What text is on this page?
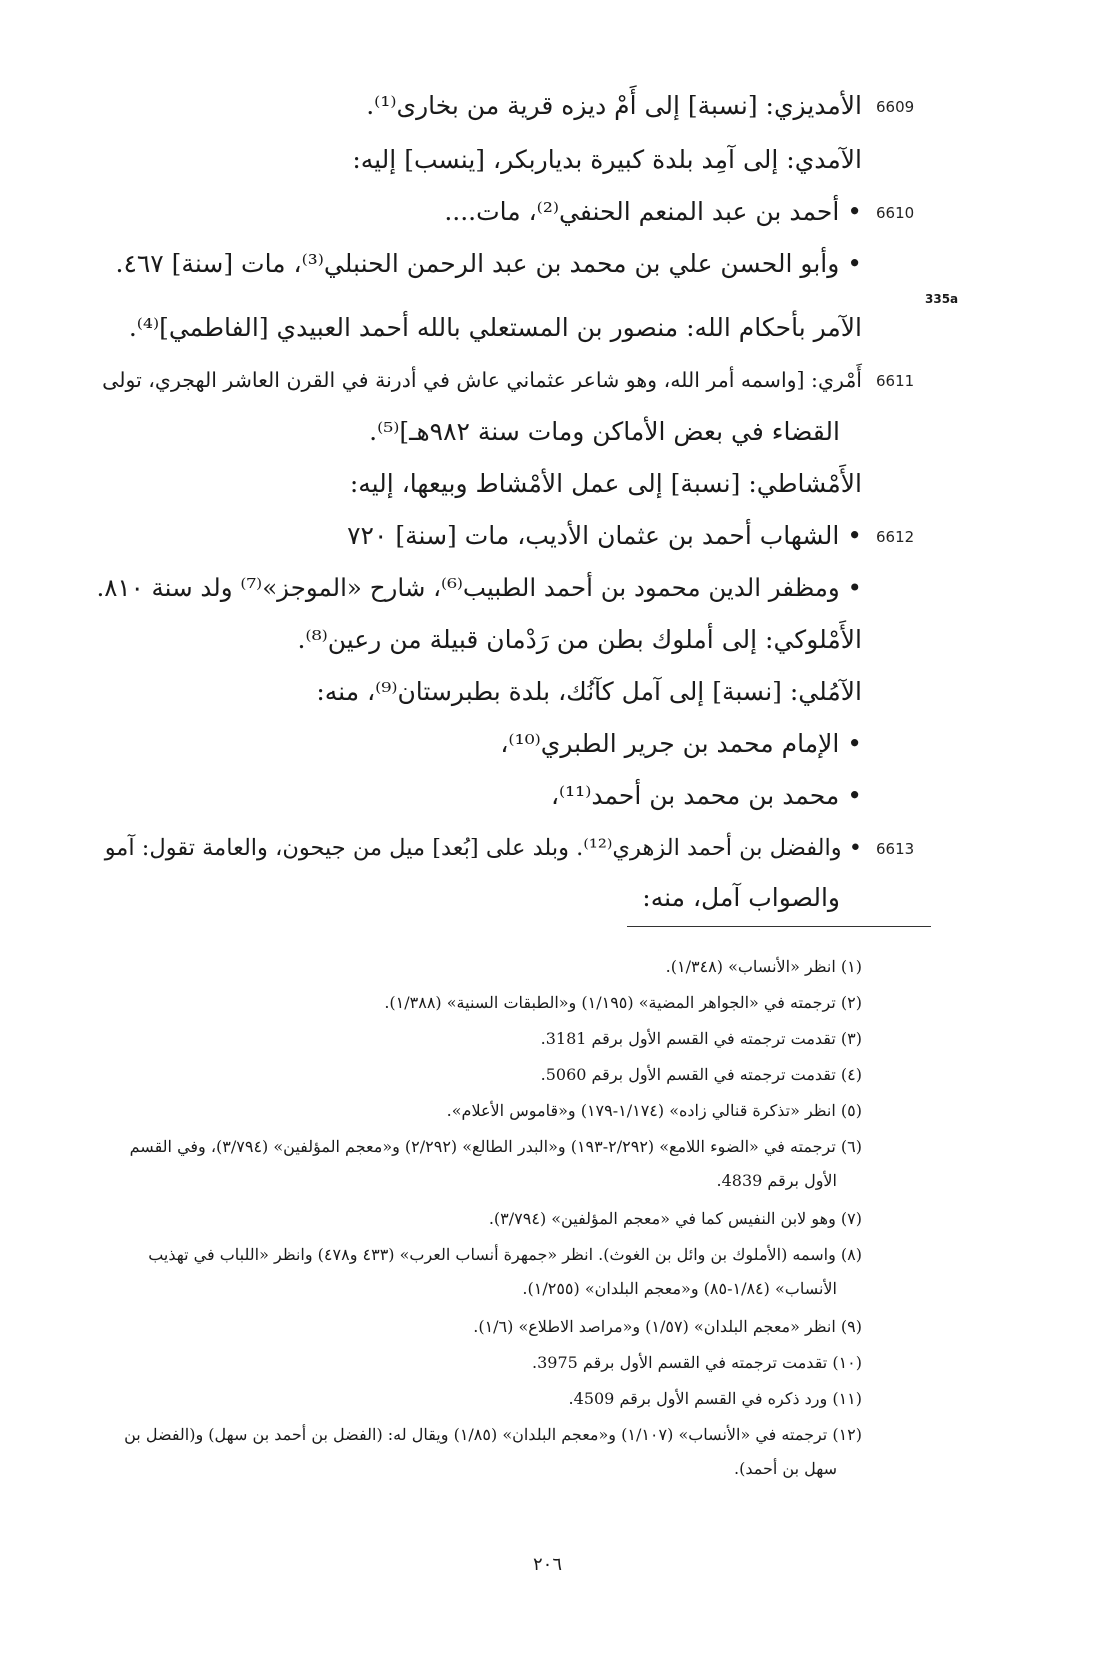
الأمديزي: [نسبة] إلى أَمْ ديزه قرية من بخارى⁽¹⁾. 6609
الآمدي: إلى آمِد بلدة كبيرة بدياربكر، [ينسب] إليه:
• أحمد بن عبد المنعم الحنفي⁽²⁾، مات.... 6610
• وأبو الحسن علي بن محمد بن عبد الرحمن الحنبلي⁽³⁾، مات [سنة] ٤٦٧.
335a
الآمر بأحكام الله: منصور بن المستعلي بالله أحمد العبيدي [الفاطمي]⁽⁴⁾.
أَمْري: [واسمه أمر الله، وهو شاعر عثماني عاش في أدرنة في القرن العاشر الهجري، تولى 6611
القضاء في بعض الأماكن ومات سنة ٩٨٢هـ]⁽⁵⁾.
الأَمْشاطي: [نسبة] إلى عمل الأمْشاط وبيعها، إليه:
• الشهاب أحمد بن عثمان الأديب، مات [سنة] ٧٢٠ 6612
• ومظفر الدين محمود بن أحمد الطبيب⁽⁶⁾، شارح «الموجز»⁽⁷⁾ ولد سنة ٨١٠.
الأَمْلوكي: إلى أملوك بطن من رَدْمان قبيلة من رعين⁽⁸⁾.
الآمُلي: [نسبة] إلى آمل كآنُك، بلدة بطبرستان⁽⁹⁾، منه:
• الإمام محمد بن جرير الطبري⁽¹⁰⁾،
• محمد بن محمد بن أحمد⁽¹¹⁾،
• والفضل بن أحمد الزهري⁽¹²⁾. وبلد على [بُعد] ميل من جيحون، والعامة تقول: آمو 6613
والصواب آمل، منه:
(١) انظر «الأنساب» (١/٣٤٨).
(٢) ترجمته في «الجواهر المضية» (١/١٩٥) و«الطبقات السنية» (١/٣٨٨).
(٣) تقدمت ترجمته في القسم الأول برقم 3181.
(٤) تقدمت ترجمته في القسم الأول برقم 5060.
(٥) انظر «تذكرة قنالي زاده» (١/١٧٤-١٧٩) و«قاموس الأعلام».
(٦) ترجمته في «الضوء اللامع» (٢/٢٩٢-١٩٣) و«البدر الطالع» (٢/٢٩٢) و«معجم المؤلفين» (٣/٧٩٤)، وفي القسم
الأول برقم 4839.
(٧) وهو لابن النفيس كما في «معجم المؤلفين» (٣/٧٩٤).
(٨) واسمه (الأملوك بن وائل بن الغوث). انظر «جمهرة أنساب العرب» (٤٣٣ و٤٧٨) وانظر «اللباب في تهذيب
الأنساب» (١/٨٤-٨٥) و«معجم البلدان» (١/٢٥٥).
(٩) انظر «معجم البلدان» (١/٥٧) و«مراصد الاطلاع» (١/٦).
(١٠) تقدمت ترجمته في القسم الأول برقم 3975.
(١١) ورد ذكره في القسم الأول برقم 4509.
(١٢) ترجمته في «الأنساب» (١/١٠٧) و«معجم البلدان» (١/٨٥) ويقال له: (الفضل بن أحمد بن سهل) و(الفضل بن
سهل بن أحمد).
٢٠٦
